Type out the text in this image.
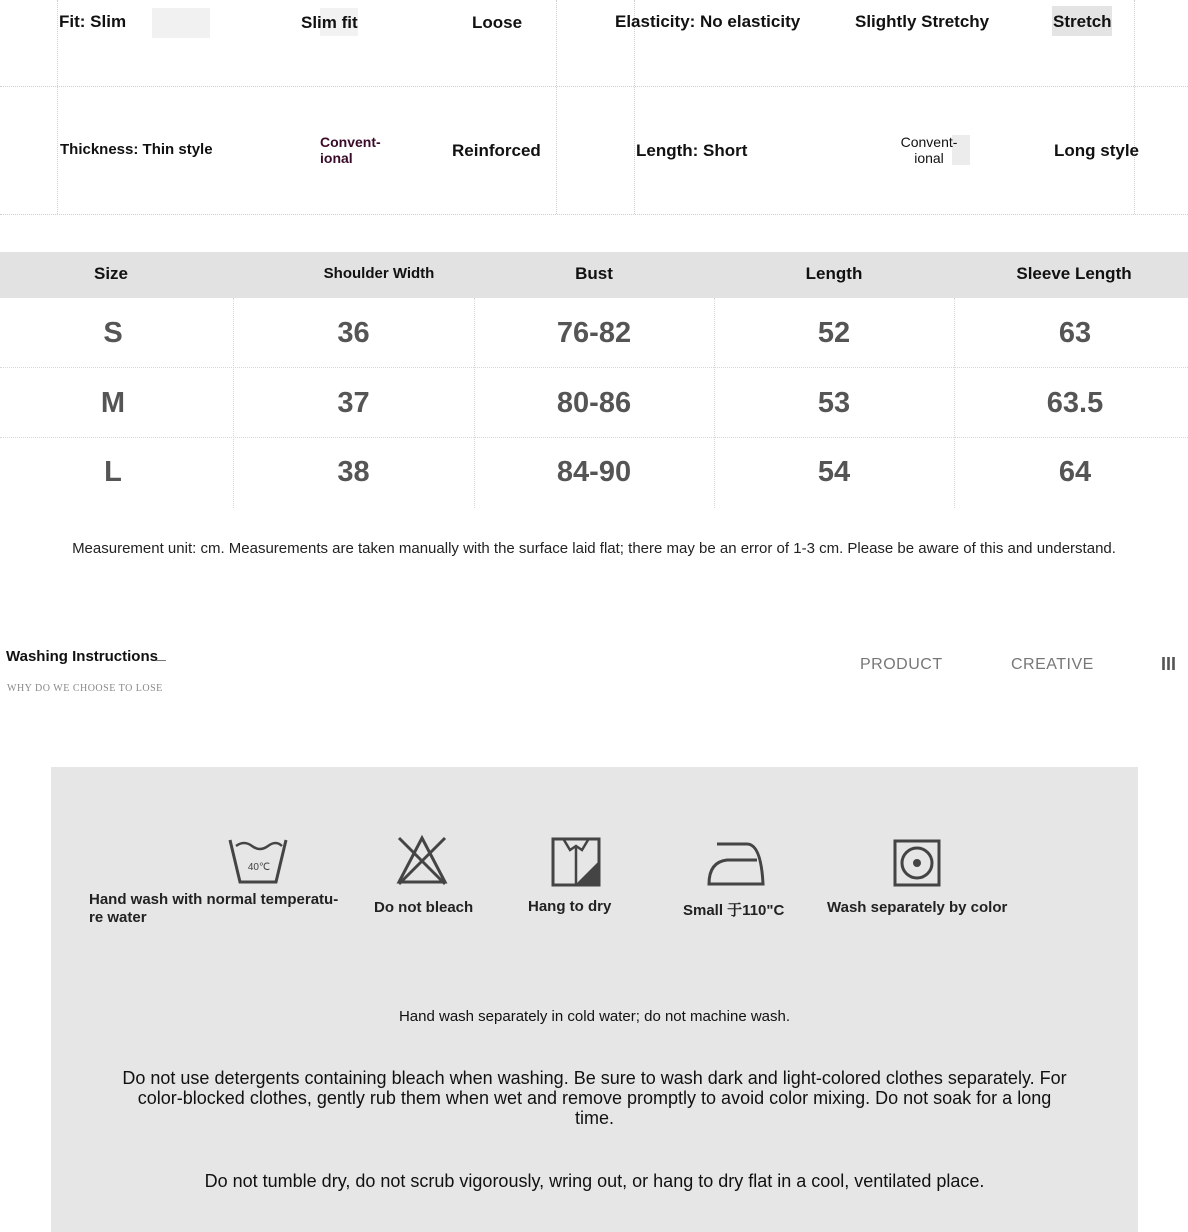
Fit: Slim	Slim fit	Loose	Elasticity: No elasticity	Slightly Stretchy	Stretch
Thickness: Thin style	Convent-
ional	Reinforced	Length: Short	Convent-
ional	Long style
Size	Shoulder Width	Bust	Length	Sleeve Length
S	36	76-82	52	63
M	37	80-86	53	63.5
L	38	84-90	54	64
Measurement unit: cm. Measurements are taken manually with the surface laid flat; there may be an error of 1-3 cm. Please be aware of this and understand.
Washing Instructions
WHY DO WE CHOOSE TO LOSE
PRODUCT	CREATIVE	III
40℃
Hand wash with normal temperatu-
re water
Do not bleach	Hang to dry	Small 于110"C	Wash separately by color
Hand wash separately in cold water; do not machine wash.
Do not use detergents containing bleach when washing. Be sure to wash dark and light-colored clothes separately. For color-blocked clothes, gently rub them when wet and remove promptly to avoid color mixing. Do not soak for a long time.
Do not tumble dry, do not scrub vigorously, wring out, or hang to dry flat in a cool, ventilated place.
